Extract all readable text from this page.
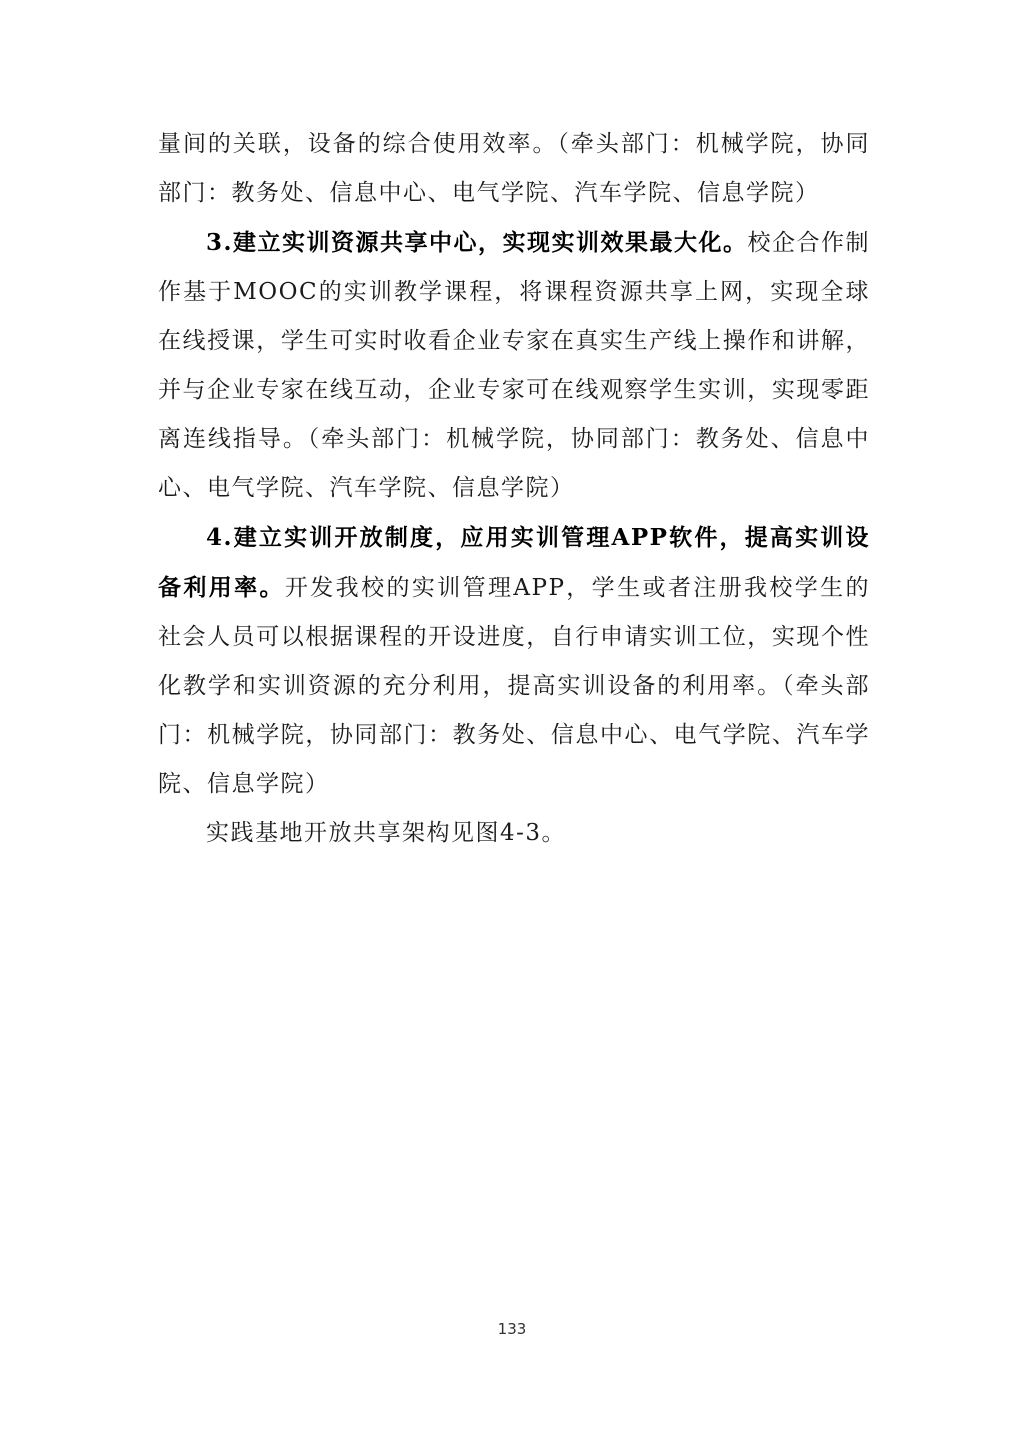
量间的关联，设备的综合使用效率。（牵头部门：机械学院，协同部门：教务处、信息中心、电气学院、汽车学院、信息学院）

3.建立实训资源共享中心，实现实训效果最大化。校企合作制作基于MOOC的实训教学课程，将课程资源共享上网，实现全球在线授课，学生可实时收看企业专家在真实生产线上操作和讲解，并与企业专家在线互动，企业专家可在线观察学生实训，实现零距离连线指导。（牵头部门：机械学院，协同部门：教务处、信息中心、电气学院、汽车学院、信息学院）

4.建立实训开放制度，应用实训管理APP软件，提高实训设备利用率。开发我校的实训管理APP，学生或者注册我校学生的社会人员可以根据课程的开设进度，自行申请实训工位，实现个性化教学和实训资源的充分利用，提高实训设备的利用率。（牵头部门：机械学院，协同部门：教务处、信息中心、电气学院、汽车学院、信息学院）

实践基地开放共享架构见图4-3。

133
